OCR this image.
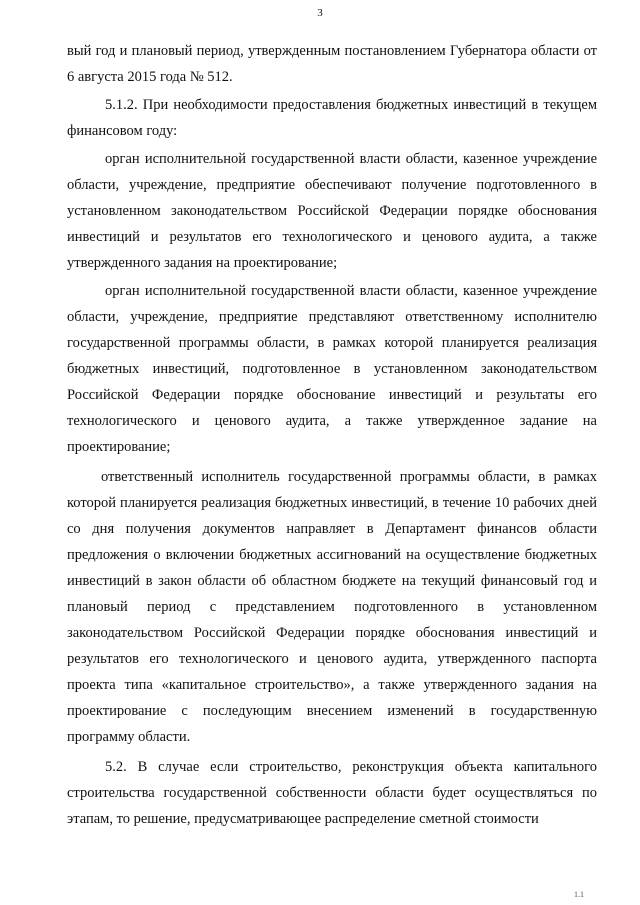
3

вый год и плановый период, утвержденным постановлением Губернатора области от 6 августа 2015 года № 512.

5.1.2. При необходимости предоставления бюджетных инвестиций в текущем финансовом году:

орган исполнительной государственной власти области, казенное учреждение области, учреждение, предприятие обеспечивают получение подготовленного в установленном законодательством Российской Федерации порядке обоснования инвестиций и результатов его технологического и ценового аудита, а также утвержденного задания на проектирование;

орган исполнительной государственной власти области, казенное учреждение области, учреждение, предприятие представляют ответственному исполнителю государственной программы области, в рамках которой планируется реализация бюджетных инвестиций, подготовленное в установленном законодательством Российской Федерации порядке обоснование инвестиций и результаты его технологического и ценового аудита, а также утвержденное задание на проектирование;

ответственный исполнитель государственной программы области, в рамках которой планируется реализация бюджетных инвестиций, в течение 10 рабочих дней со дня получения документов направляет в Департамент финансов области предложения о включении бюджетных ассигнований на осуществление бюджетных инвестиций в закон области об областном бюджете на текущий финансовый год и плановый период с представлением подготовленного в установленном законодательством Российской Федерации порядке обоснования инвестиций и результатов его технологического и ценового аудита, утвержденного паспорта проекта типа «капитальное строительство», а также утвержденного задания на проектирование с последующим внесением изменений в государственную программу области.

5.2. В случае если строительство, реконструкция объекта капитального строительства государственной собственности области будет осуществляться по этапам, то решение, предусматривающее распределение сметной стоимости

1.1
